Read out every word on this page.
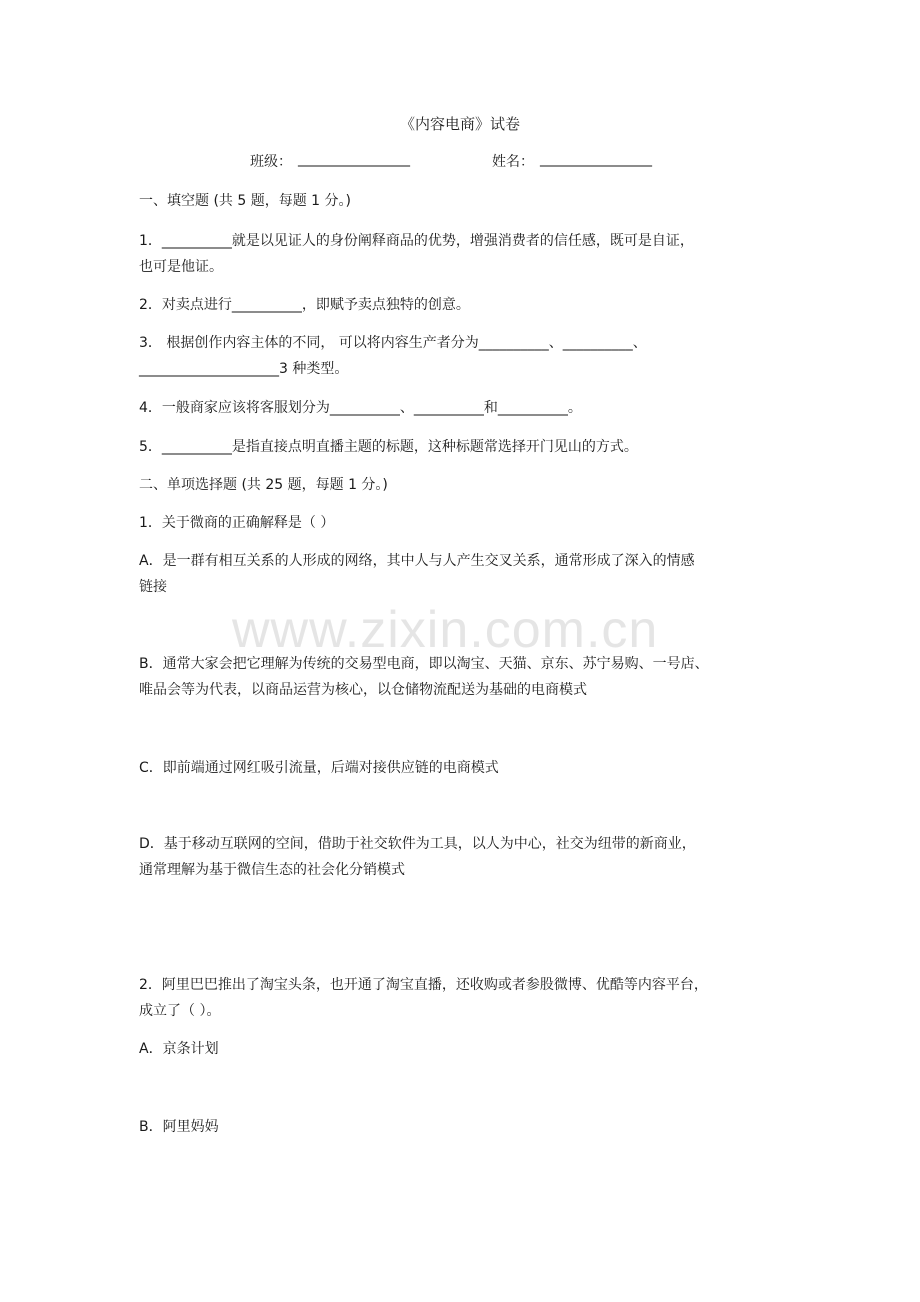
《内容电商》试卷
班级： ________________	姓名： ________________
一、填空题 (共 5 题，每题 1 分。)
1．__________就是以见证人的身份阐释商品的优势，增强消费者的信任感，既可是自证，
也可是他证。
2．对卖点进行__________，即赋予卖点独特的创意。
3． 根据创作内容主体的不同， 可以将内容生产者分为__________、__________、
____________________3 种类型。
4．一般商家应该将客服划分为__________、__________和__________。
5．__________是指直接点明直播主题的标题，这种标题常选择开门见山的方式。
二、单项选择题 (共 25 题，每题 1 分。)
1．关于微商的正确解释是（ ）
A．是一群有相互关系的人形成的网络，其中人与人产生交叉关系，通常形成了深入的情感
链接
B．通常大家会把它理解为传统的交易型电商，即以淘宝、天猫、京东、苏宁易购、一号店、
唯品会等为代表，以商品运营为核心，以仓储物流配送为基础的电商模式
C．即前端通过网红吸引流量，后端对接供应链的电商模式
D．基于移动互联网的空间，借助于社交软件为工具，以人为中心，社交为纽带的新商业，
通常理解为基于微信生态的社会化分销模式
2．阿里巴巴推出了淘宝头条，也开通了淘宝直播，还收购或者参股微博、优酷等内容平台，
成立了（ ）。
A．京条计划
B．阿里妈妈
www.zixin.com.cn
